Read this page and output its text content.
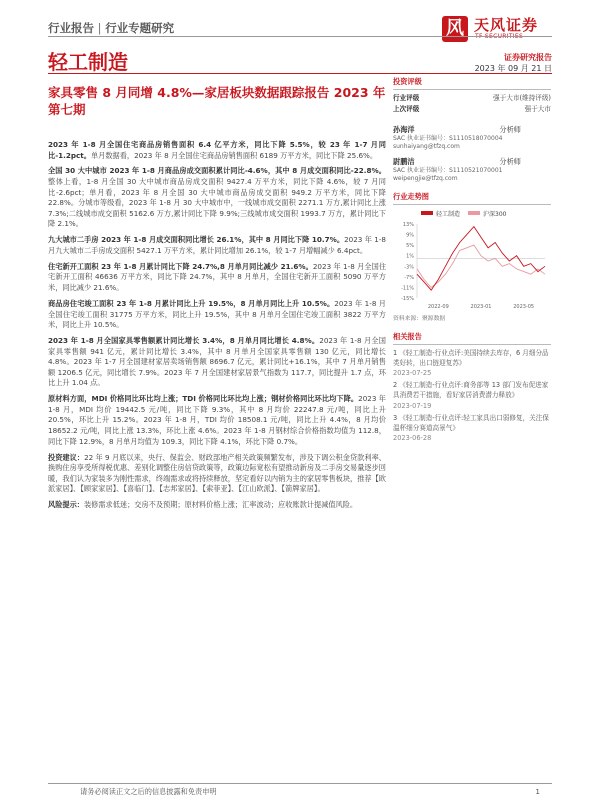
行业报告 | 行业专题研究	风 天风证券
TF SECURITIES
轻工制造	证券研究报告
2023 年 09 月 21 日
家具零售 8 月同增 4.8%—家居板块数据跟踪报告 2023 年第七期

2023 年 1-8 月全国住宅商品房销售面积 6.4 亿平方米，同比下降 5.5%，较 23 年 1-7 月同比-1.2pct。单月数据看，2023 年 8 月全国住宅商品房销售面积 6189 万平方米，同比下降 25.6%。

全国 30 大中城市 2023 年 1-8 月商品房成交面积累计同比-4.6%，其中 8 月成交面积同比-22.8%。整体上看，1-8 月全国 30 大中城市商品房成交面积 9427.4 万平方米，同比下降 4.6%，较 7 月同比-2.6pct；单月看，2023 年 8 月全国 30 大中城市商品房成交面积 949.2 万平方米，同比下降 22.8%。分城市等级看，2023 年 1-8 月 30 大中城市中，一线城市成交面积 2271.1 万方,累计同比上涨 7.3%;二线城市成交面积 5162.6 万方,累计同比下降 9.9%;三线城市成交面积 1993.7 万方，累计同比下降 2.1%。

九大城市二手房 2023 年 1-8 月成交面积同比增长 26.1%，其中 8 月同比下降 10.7%。2023 年 1-8 月九大城市二手房成交面积 5427.1 万平方米，累计同比增加 26.1%，较 1-7 月增幅减少 6.4pct。

住宅新开工面积 23 年 1-8 月累计同比下降 24.7%,8 月单月同比减少 21.6%。2023 年 1-8 月全国住宅新开工面积 46636 万平方米，同比下降 24.7%，其中 8 月单月，全国住宅新开工面积 5090 万平方米，同比减少 21.6%。

商品房住宅竣工面积 23 年 1-8 月累计同比上升 19.5%，8 月单月同比上升 10.5%。2023 年 1-8 月全国住宅竣工面积 31775 万平方米，同比上升 19.5%，其中 8 月单月全国住宅竣工面积 3822 万平方米，同比上升 10.5%。

2023 年 1-8 月全国家具零售额累计同比增长 3.4%，8 月单月同比增长 4.8%。2023 年 1-8 月全国家具零售额 941 亿元，累计同比增长 3.4%，其中 8 月单月全国家具零售额 130 亿元，同比增长 4.8%。2023 年 1-7 月全国建材家居卖场销售额 8696.7 亿元，累计同比+16.1%，其中 7 月单月销售额 1206.5 亿元，同比增长 7.9%。2023 年 7 月全国建材家居景气指数为 117.7，同比提升 1.7 点，环比上升 1.04 点。

原材料方面，MDI 价格同比环比均上涨；TDI 价格同比环比均上涨；钢材价格同比环比均下降。2023 年 1-8 月，MDI 均价 19442.5 元/吨，同比下降 9.3%，其中 8 月均价 22247.8 元/吨，同比上升 20.5%，环比上升 15.2%。2023 年 1-8 月，TDI 均价 18508.1 元/吨，同比上升 4.4%，8 月均价 18652.2 元/吨，同比上涨 13.3%，环比上涨 4.6%。2023 年 1-8 月钢材综合价格指数均值为 112.8，同比下降 12.9%，8 月单月均值为 109.3，同比下降 4.1%，环比下降 0.7%。

投资建议：22 年 9 月底以来，央行、保监会、财政部地产相关政策频繁发布，涉及下调公积金贷款利率、换购住房享受所得税优惠、差别化调整住房信贷政策等，政策边际宽松有望推动新房及二手房交易量逐步回暖，我们认为家装多为刚性需求，终端需求或将持续释放，坚定看好以内销为主的家居零售板块，推荐【欧派家居】、【顾家家居】、【喜临门】、【志邦家居】、【索菲亚】、【江山欧派】、【箭牌家居】。

风险提示：装修需求低迷；交房不及预期；原材料价格上涨；汇率波动；应收账款计提减值风险。

投资评级
行业评级	强于大市(维持评级)
上次评级	强于大市
孙海洋	分析师
SAC 执业证书编号：S1110518070004
sunhaiyang@tfzq.com
尉鹏洁	分析师
SAC 执业证书编号：S1110521070001
weipengjie@tfzq.com
行业走势图
轻工制造	沪深300
13%
9%
5%
1%
-3%
-7%
-11%
-15%
2022-09	2023-01	2023-05
资料来源：聚源数据
相关报告
1 《轻工制造-行业点评:美国持续去库存，6 月细分品类好转，出口链迎复苏》
2023-07-25
2 《轻工制造-行业点评:商务部等 13 部门发布促进家具消费若干措施，看好家居消费潜力释放》
2023-07-19
3 《轻工制造-行业点评:轻工家具出口弱修复，关注保温杯细分赛道高景气》
2023-06-28
请务必阅读正文之后的信息披露和免责申明	1
